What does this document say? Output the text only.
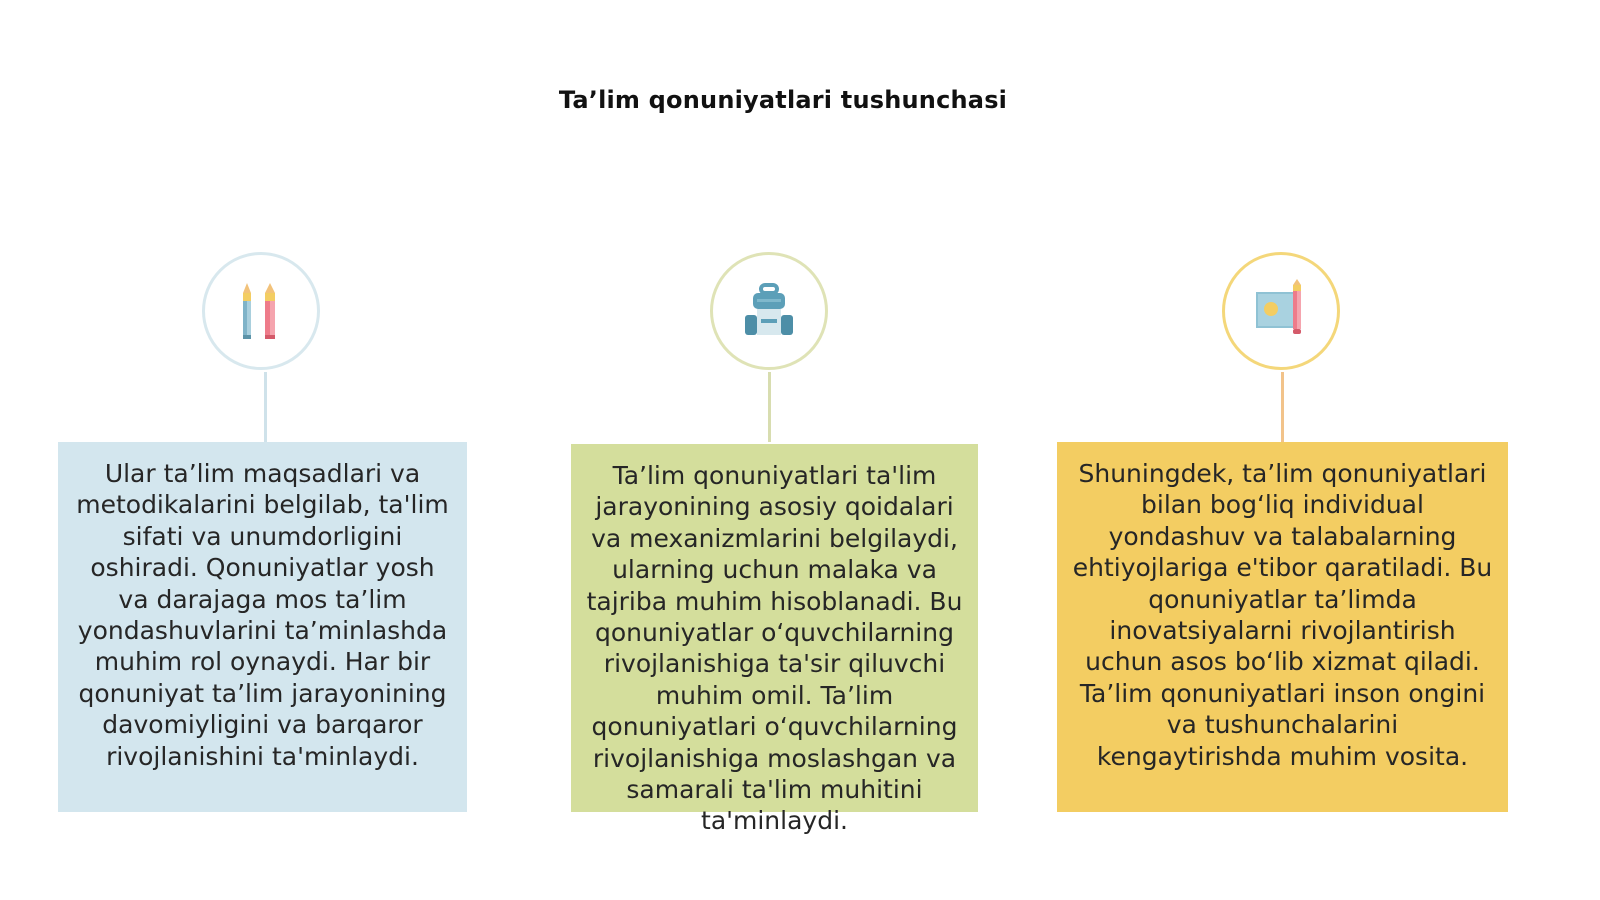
Ta’lim qonuniyatlari tushunchasi
Ular ta’lim maqsadlari va metodikalarini belgilab, ta'lim sifati va unumdorligini oshiradi. Qonuniyatlar yosh va darajaga mos ta’lim yondashuvlarini ta’minlashda muhim rol oynaydi. Har bir qonuniyat ta’lim jarayonining davomiyligini va barqaror rivojlanishini ta'minlaydi.
Ta’lim qonuniyatlari ta'lim jarayonining asosiy qoidalari va mexanizmlarini belgilaydi, ularning uchun malaka va tajriba muhim hisoblanadi. Bu qonuniyatlar o‘quvchilarning rivojlanishiga ta'sir qiluvchi muhim omil. Ta’lim qonuniyatlari o‘quvchilarning rivojlanishiga moslashgan va samarali ta'lim muhitini ta'minlaydi.
Shuningdek, ta’lim qonuniyatlari bilan bog‘liq individual yondashuv va talabalarning ehtiyojlariga e'tibor qaratiladi. Bu qonuniyatlar ta’limda inovatsiyalarni rivojlantirish uchun asos bo‘lib xizmat qiladi. Ta’lim qonuniyatlari inson ongini va tushunchalarini kengaytirishda muhim vosita.
